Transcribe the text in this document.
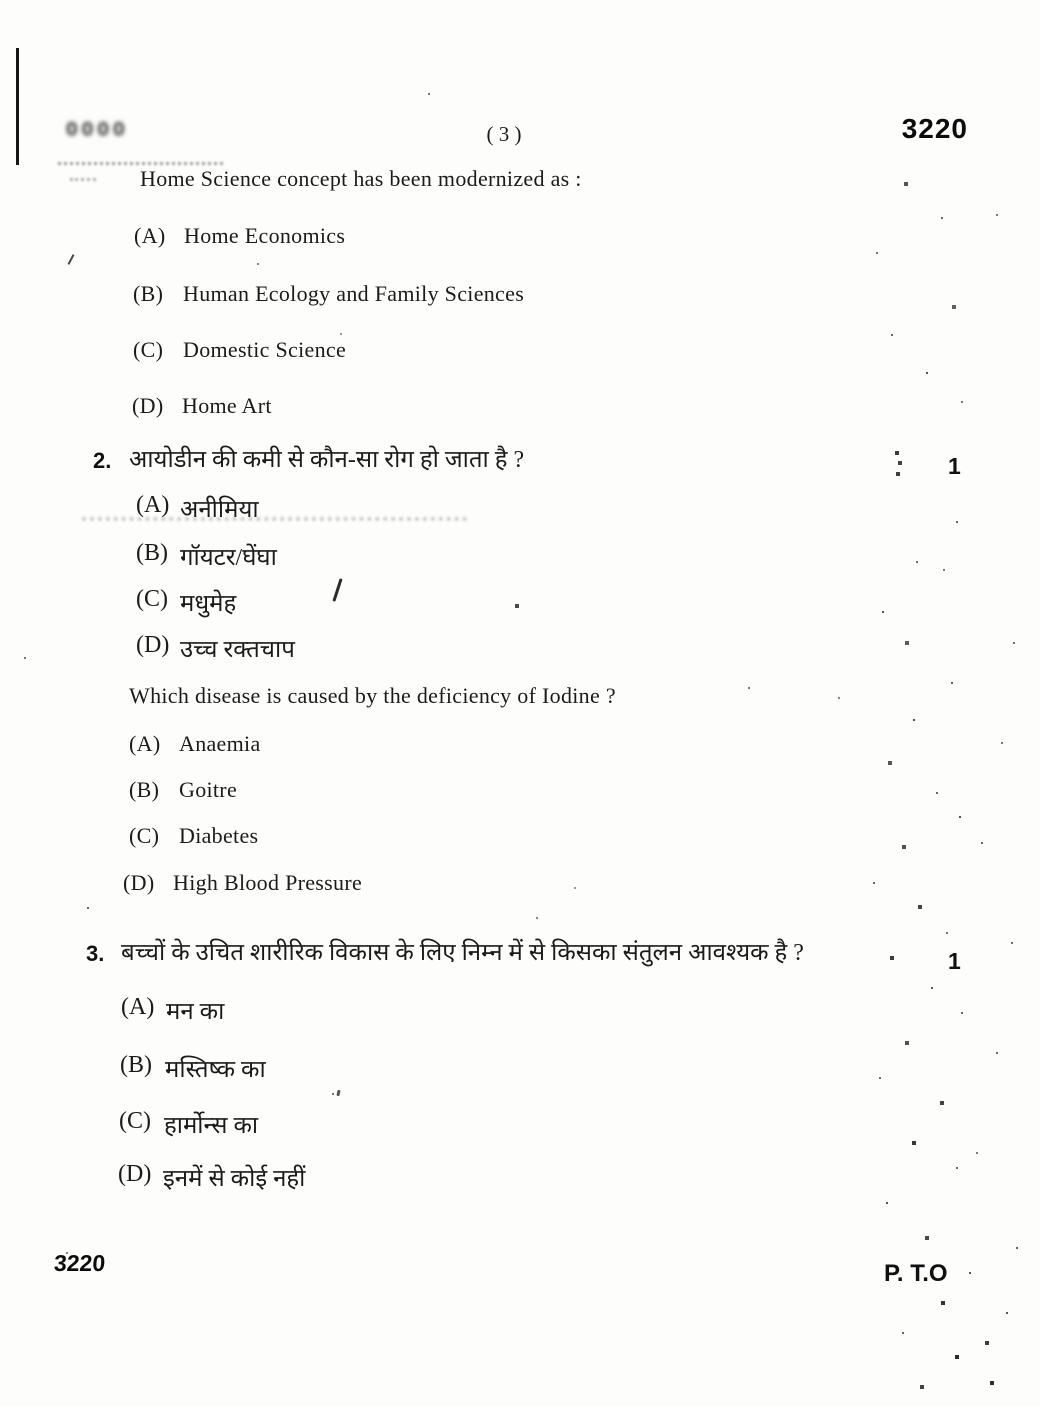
0000	( 3 )	3220
Home Science concept has been modernized as :
(A) Home Economics
(B) Human Ecology and Family Sciences
(C) Domestic Science
(D) Home Art
2. आयोडीन की कमी से कौन-सा रोग हो जाता है ?	1
(A) अनीमिया
(B) गॉयटर/घेंघा
(C) मधुमेह
(D) उच्च रक्तचाप
Which disease is caused by the deficiency of Iodine ?
(A) Anaemia
(B) Goitre
(C) Diabetes
(D) High Blood Pressure
3. बच्चों के उचित शारीरिक विकास के लिए निम्न में से किसका संतुलन आवश्यक है ?	1
(A) मन का
(B) मस्तिष्क का
(C) हार्मोन्स का
(D) इनमें से कोई नहीं
3220	P. T.O
